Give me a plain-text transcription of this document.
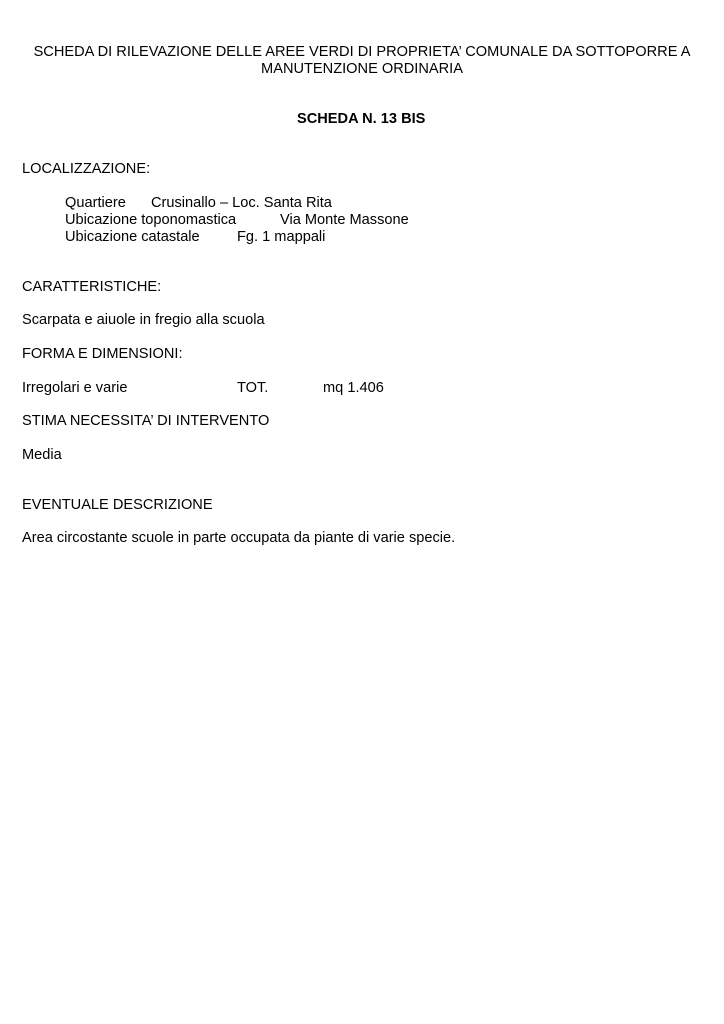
SCHEDA DI RILEVAZIONE DELLE AREE VERDI DI PROPRIETA’ COMUNALE DA SOTTOPORRE A
MANUTENZIONE ORDINARIA
SCHEDA N. 13 BIS
LOCALIZZAZIONE:
Quartiere Crusinallo – Loc. Santa Rita
Ubicazione toponomastica	Via Monte Massone
Ubicazione catastale	Fg. 1 mappali
CARATTERISTICHE:
Scarpata e aiuole in fregio alla scuola
FORMA E DIMENSIONI:
Irregolari e varie	TOT.	mq 1.406
STIMA NECESSITA’ DI INTERVENTO
Media
EVENTUALE DESCRIZIONE
Area circostante scuole in parte occupata da piante di varie specie.
